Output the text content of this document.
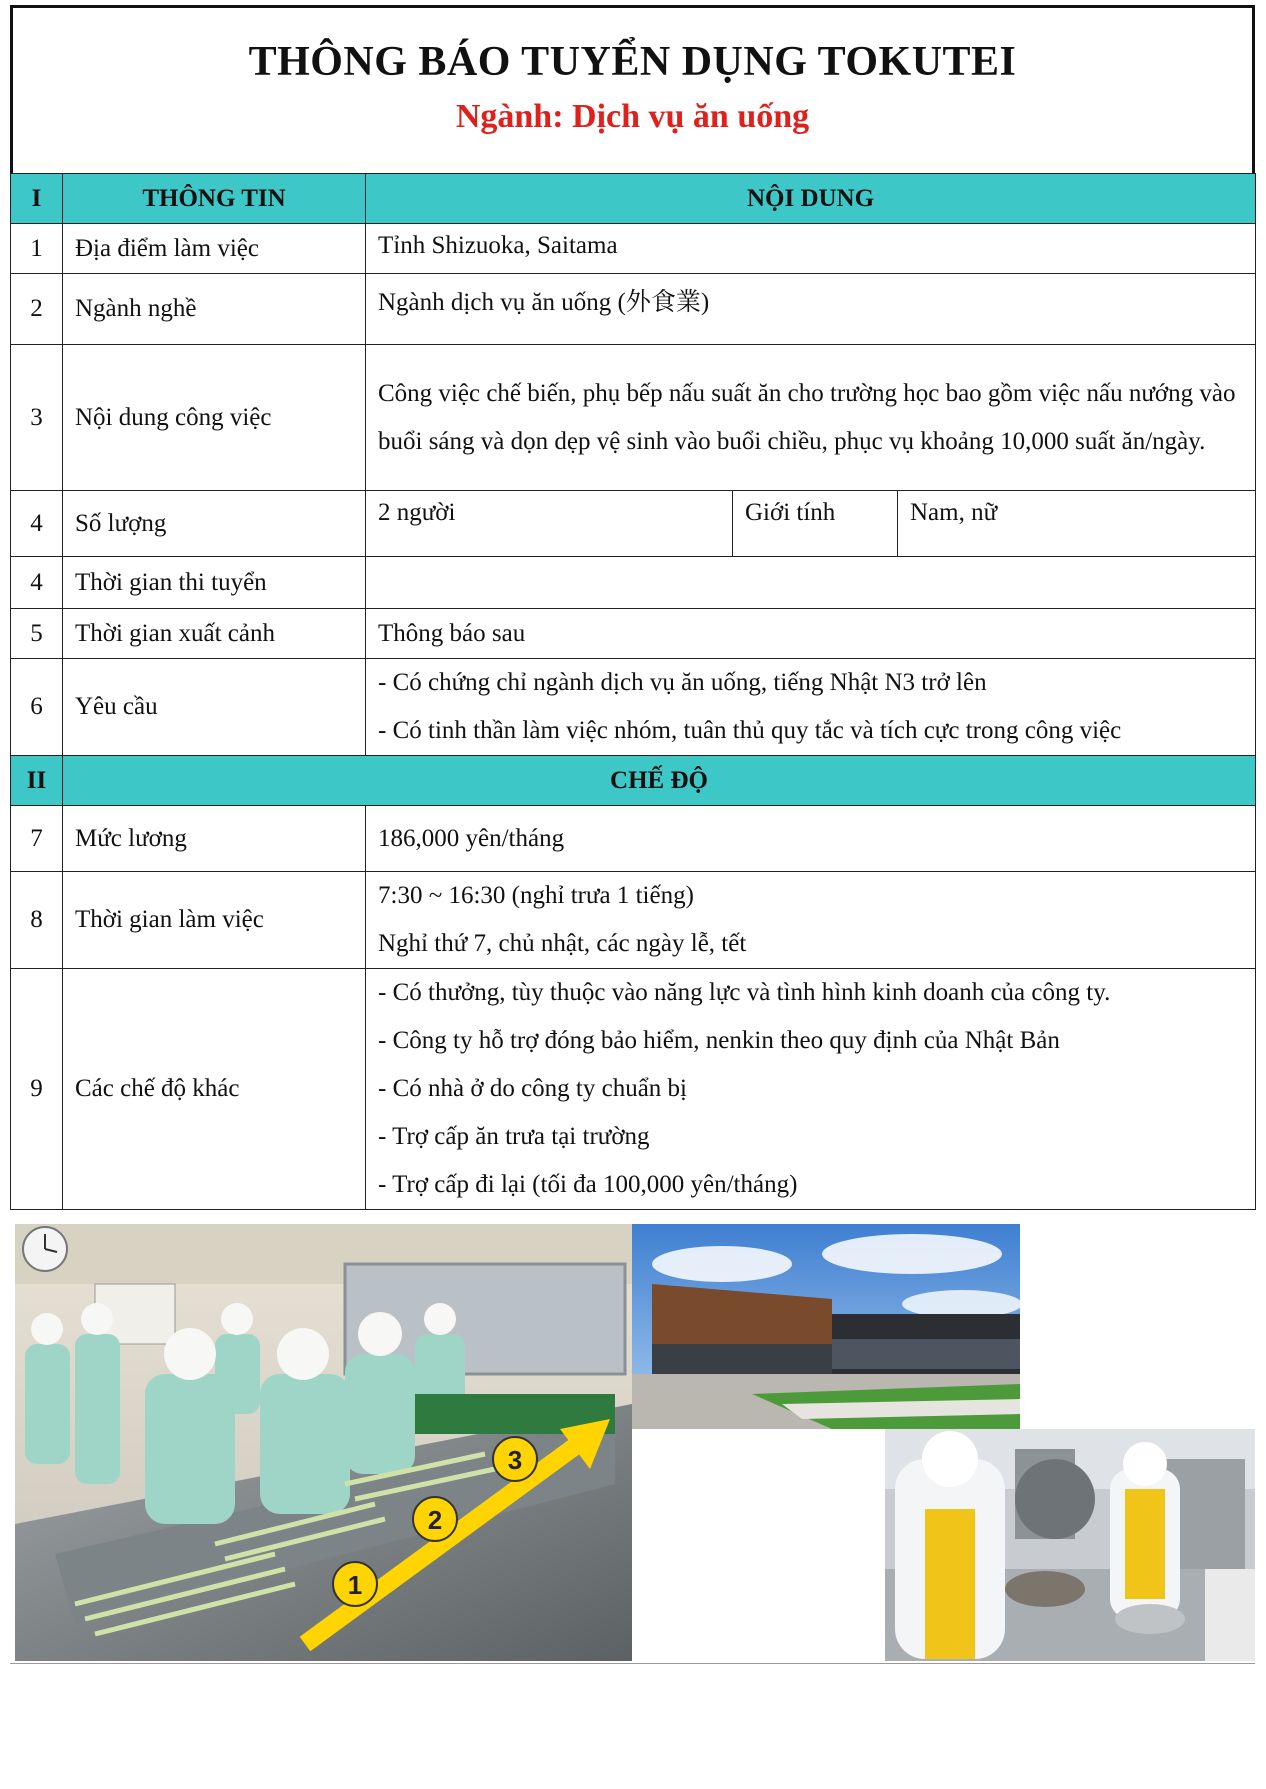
THÔNG BÁO TUYỂN DỤNG TOKUTEI
Ngành: Dịch vụ ăn uống
I	THÔNG TIN	NỘI DUNG		
1	Địa điểm làm việc	Tỉnh Shizuoka, Saitama		
2	Ngành nghề	Ngành dịch vụ ăn uống (外食業)		
3	Nội dung công việc	Công việc chế biến, phụ bếp nấu suất ăn cho trường học bao gồm việc nấu nướng vào buổi sáng và dọn dẹp vệ sinh vào buổi chiều, phục vụ khoảng 10,000 suất ăn/ngày.		
4	Số lượng	2 người	Giới tính	Nam, nữ
4	Thời gian thi tuyển			
5	Thời gian xuất cảnh	Thông báo sau		
6	Yêu cầu	- Có chứng chỉ ngành dịch vụ ăn uống, tiếng Nhật N3 trở lên
- Có tinh thần làm việc nhóm, tuân thủ quy tắc và tích cực trong công việc		

II	CHẾ ĐỘ			
7	Mức lương	186,000 yên/tháng		
8	Thời gian làm việc	7:30 ~ 16:30 (nghỉ trưa 1 tiếng)
Nghỉ thứ 7, chủ nhật, các ngày lễ, tết		

9	Các chế độ khác	- Có thưởng, tùy thuộc vào năng lực và tình hình kinh doanh của công ty.
- Công ty hỗ trợ đóng bảo hiểm, nenkin theo quy định của Nhật Bản
- Có nhà ở do công ty chuẩn bị
- Trợ cấp ăn trưa tại trường
- Trợ cấp đi lại (tối đa 100,000 yên/tháng)		
1
2
3
